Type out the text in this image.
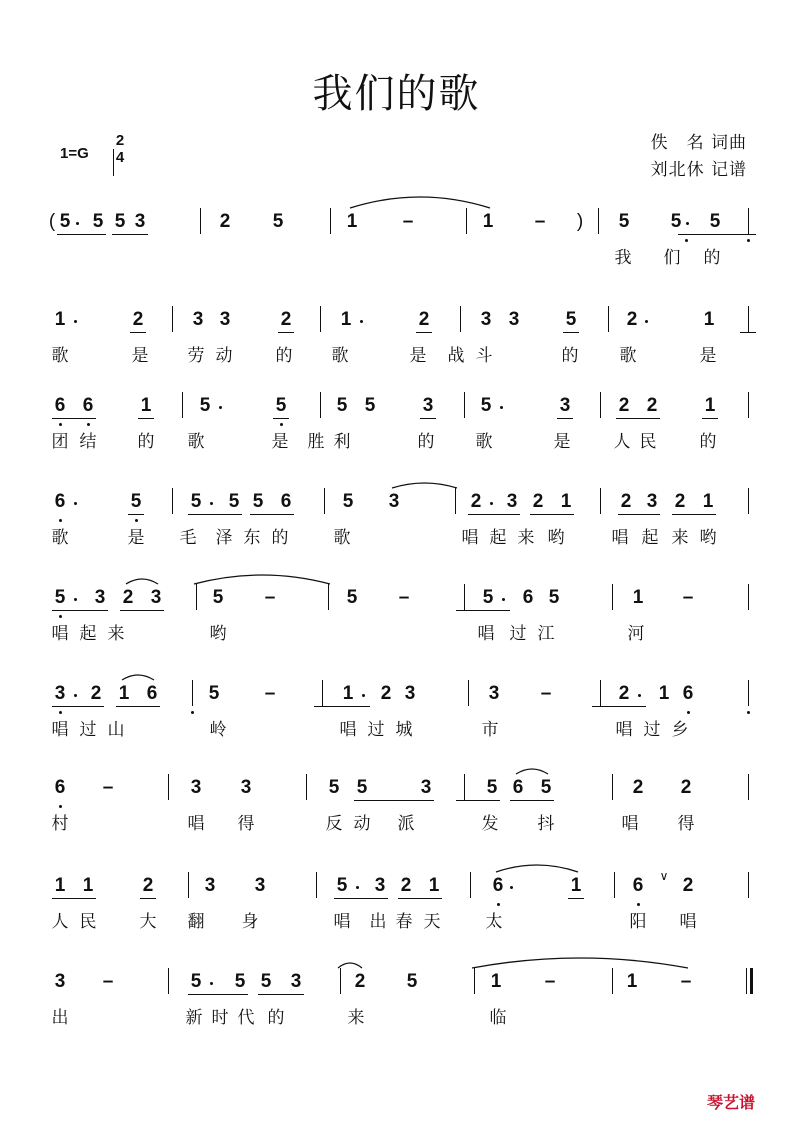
我们的歌
1=G
2
4
佚　名 词曲
刘北休 记谱
( 5 5 5 3	2 5	1 –	1 – ) 5 5 5
我 们 的
1	2	3 3	2	1	2	3 3 5	2	1
歌	是 劳 动	的 歌	是 战 斗	的 歌	是
6 6 1	5	5	5 5 3 5	3	2 2 1
团 结 的 歌	是 胜 利	的 歌	是	人 民	的
6	5	5 5 5 6	5 3	2 3 2 1	2 3 2 1
歌	是 毛 泽 东 的	歌	唱 起 来 哟	唱 起 来 哟
5 3 2 3	5 –	5 –	5 6 5	1 –
唱 起 来	哟	唱 过 江	河
3 2 1 6	5 –	1 2 3	3 –	2 1 6
唱 过 山	岭	唱 过 城	市	唱 过 乡
6 –	3 3	5 5	3	5 6 5	2 2
村	唱 得	反 动 派	发 抖	唱 得
1 1	2	3 3	5 3 2 1	6	1	6 ∨ 2
人 民	大 翻 身	唱 出 春 天	太	阳 唱
3 –	5 5 5 3	2 5	1 –	1 –
出	新 时 代 的	来	临
琴艺谱
